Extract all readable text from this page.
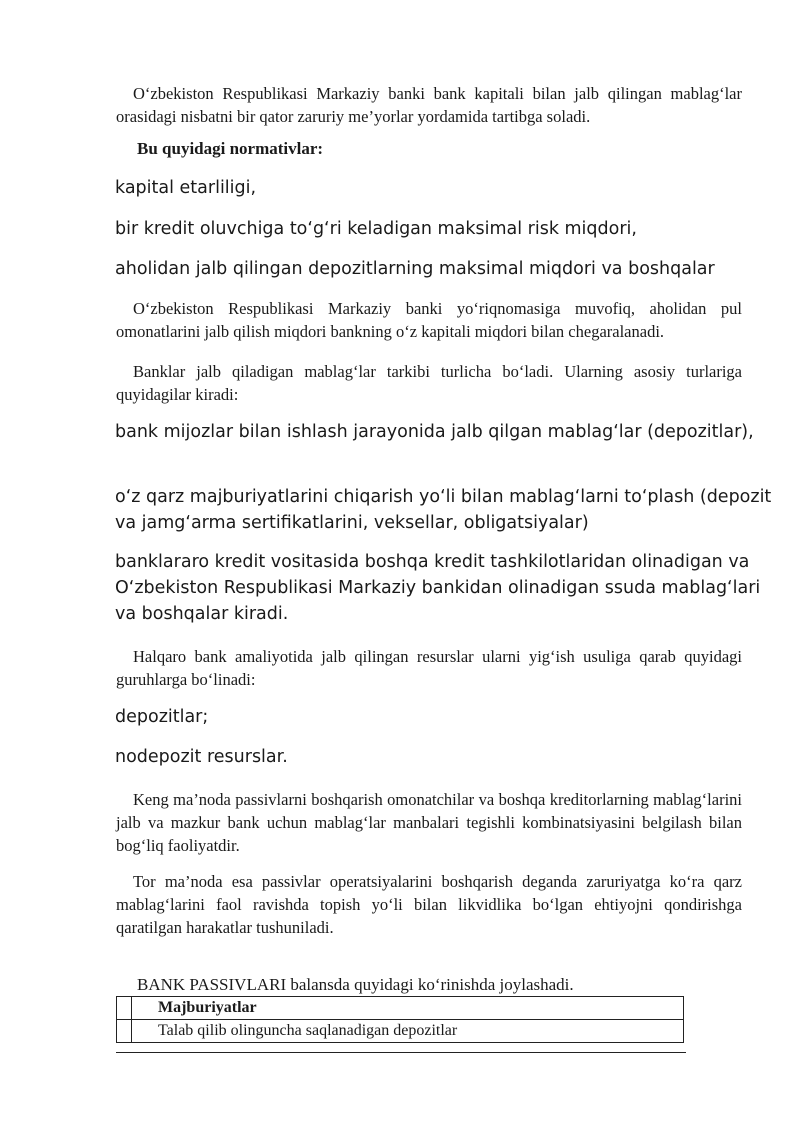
O‘zbekiston Respublikasi Markaziy banki bank kapitali bilan jalb qilingan mablag‘lar orasidagi nisbatni bir qator zaruriy me’yorlar yordamida tartibga soladi.

Bu quyidagi normativlar:

kapital etarliligi,

bir kredit oluvchiga to‘g‘ri keladigan maksimal risk miqdori,

aholidan jalb qilingan depozitlarning maksimal miqdori va boshqalar

O‘zbekiston Respublikasi Markaziy banki yo‘riqnomasiga muvofiq, aholidan pul omonatlarini jalb qilish miqdori bankning o‘z kapitali miqdori bilan chegaralanadi.

Banklar jalb qiladigan mablag‘lar tarkibi turlicha bo‘ladi. Ularning asosiy turlariga quyidagilar kiradi:

bank mijozlar bilan ishlash jarayonida jalb qilgan mablag‘lar (depozitlar),

o‘z qarz majburiyatlarini chiqarish yo‘li bilan mablag‘larni to‘plash (depozit va jamg‘arma sertifikatlarini, veksellar, obligatsiyalar)

banklararo kredit vositasida boshqa kredit tashkilotlaridan olinadigan va O‘zbekiston Respublikasi Markaziy bankidan olinadigan ssuda mablag‘lari va boshqalar kiradi.

Halqaro bank amaliyotida jalb qilingan resurslar ularni yig‘ish usuliga qarab quyidagi guruhlarga bo‘linadi:

depozitlar;

nodepozit resurslar.

Keng ma’noda passivlarni boshqarish omonatchilar va boshqa kreditorlarning mablag‘larini jalb va mazkur bank uchun mablag‘lar manbalari tegishli kombinatsiyasini belgilash bilan bog‘liq faoliyatdir.

Tor ma’noda esa passivlar operatsiyalarini boshqarish deganda zaruriyatga ko‘ra qarz mablag‘larini faol ravishda topish yo‘li bilan likvidlika bo‘lgan ehtiyojni qondirishga qaratilgan harakatlar tushuniladi.

BANK PASSIVLARI balansda quyidagi ko‘rinishda joylashadi.

	Majburiyatlar
	Talab qilib olinguncha saqlanadigan depozitlar
